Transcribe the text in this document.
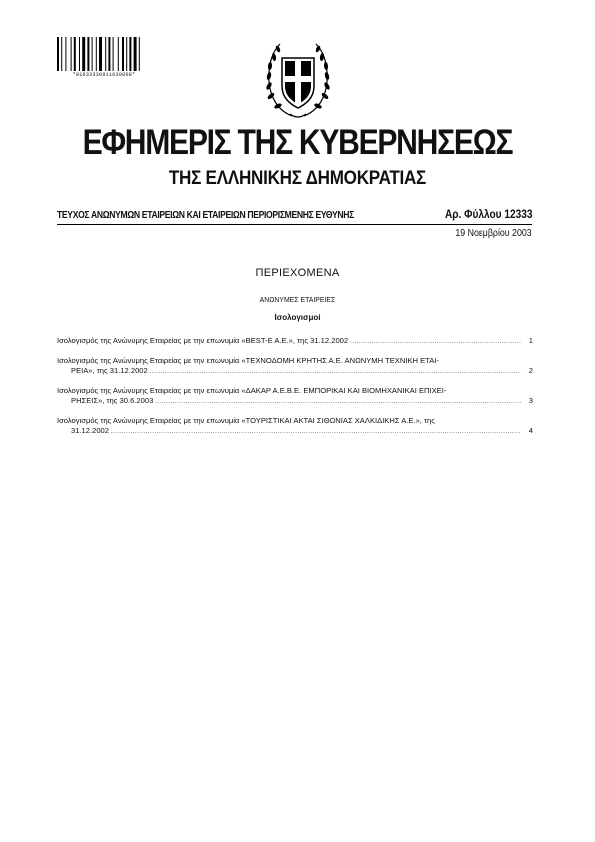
*01633330911030008*
ΕΦΗΜΕΡΙΣ ΤΗΣ ΚΥΒΕΡΝΗΣΕΩΣ
ΤΗΣ ΕΛΛΗΝΙΚΗΣ ΔΗΜΟΚΡΑΤΙΑΣ
ΤΕΥΧΟΣ ΑΝΩΝΥΜΩΝ ΕΤΑΙΡΕΙΩΝ ΚΑΙ ΕΤΑΙΡΕΙΩΝ ΠΕΡΙΟΡΙΣΜΕΝΗΣ ΕΥΘΥΝΗΣ	Αρ. Φύλλου 12333
19 Νοεμβρίου 2003
ΠΕΡΙΕΧΟΜΕΝΑ
ΑΝΩΝΥΜΕΣ ΕΤΑΙΡΕΙΕΣ
Ισολογισμοί
Ισολογισμός της Ανώνυμης Εταιρείας με την επωνυμία «BEST-E A.E.», της 31.12.2002 .....	1
Ισολογισμός της Ανώνυμης Εταιρείας με την επωνυμία «ΤΕΧΝΟΔΟΜΗ ΚΡΗΤΗΣ Α.Ε. ΑΝΩΝΥΜΗ ΤΕΧΝΙΚΗ ΕΤΑΙ-
ΡΕΙΑ», της 31.12.2002 .....	2
Ισολογισμός της Ανώνυμης Εταιρείας με την επωνυμία «ΔΑΚΑΡ Α.Ε.Β.Ε. ΕΜΠΟΡΙΚΑΙ ΚΑΙ ΒΙΟΜΗΧΑΝΙΚΑΙ ΕΠΙΧΕΙ-
ΡΗΣΕΙΣ», της 30.6.2003 .....	3
Ισολογισμός της Ανώνυμης Εταιρείας με την επωνυμία «ΤΟΥΡΙΣΤΙΚΑΙ ΑΚΤΑΙ ΣΙΘΩΝΙΑΣ ΧΑΛΚΙΔΙΚΗΣ Α.Ε.», της
31.12.2002 .....	4
